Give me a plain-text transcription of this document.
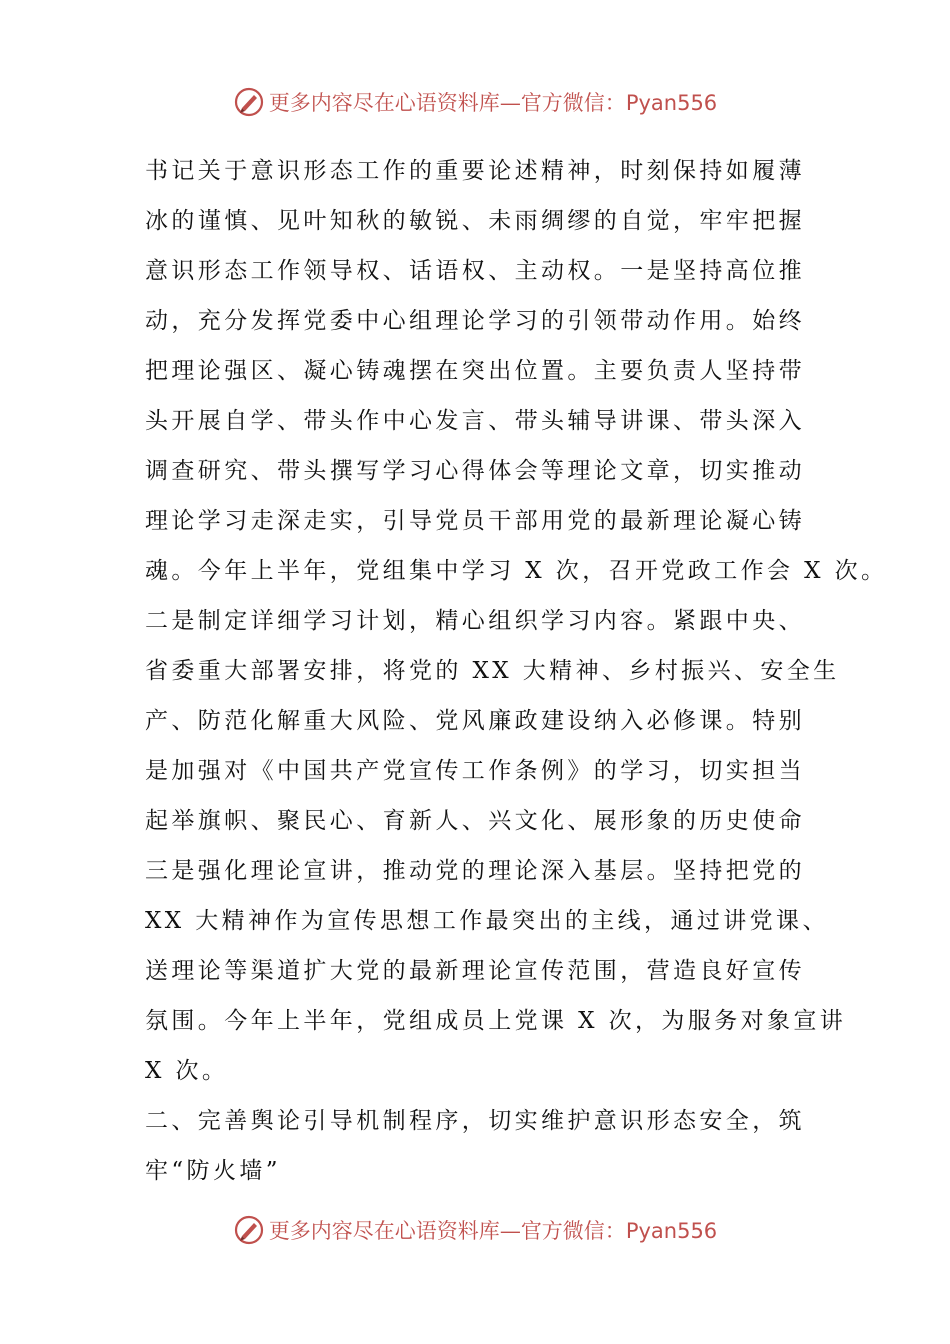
更多内容尽在心语资料库—官方微信：Pyan556
书记关于意识形态工作的重要论述精神，时刻保持如履薄
冰的谨慎、见叶知秋的敏锐、未雨绸缪的自觉，牢牢把握
意识形态工作领导权、话语权、主动权。一是坚持高位推
动，充分发挥党委中心组理论学习的引领带动作用。始终
把理论强区、凝心铸魂摆在突出位置。主要负责人坚持带
头开展自学、带头作中心发言、带头辅导讲课、带头深入
调查研究、带头撰写学习心得体会等理论文章，切实推动
理论学习走深走实，引导党员干部用党的最新理论凝心铸
魂。今年上半年，党组集中学习 X 次，召开党政工作会 X 次。
二是制定详细学习计划，精心组织学习内容。紧跟中央、
省委重大部署安排，将党的 XX 大精神、乡村振兴、安全生
产、防范化解重大风险、党风廉政建设纳入必修课。特别
是加强对《中国共产党宣传工作条例》的学习，切实担当
起举旗帜、聚民心、育新人、兴文化、展形象的历史使命
三是强化理论宣讲，推动党的理论深入基层。坚持把党的
XX 大精神作为宣传思想工作最突出的主线，通过讲党课、
送理论等渠道扩大党的最新理论宣传范围，营造良好宣传
氛围。今年上半年，党组成员上党课 X 次，为服务对象宣讲
X 次。
二、完善舆论引导机制程序，切实维护意识形态安全，筑
牢“防火墙”
更多内容尽在心语资料库—官方微信：Pyan556
